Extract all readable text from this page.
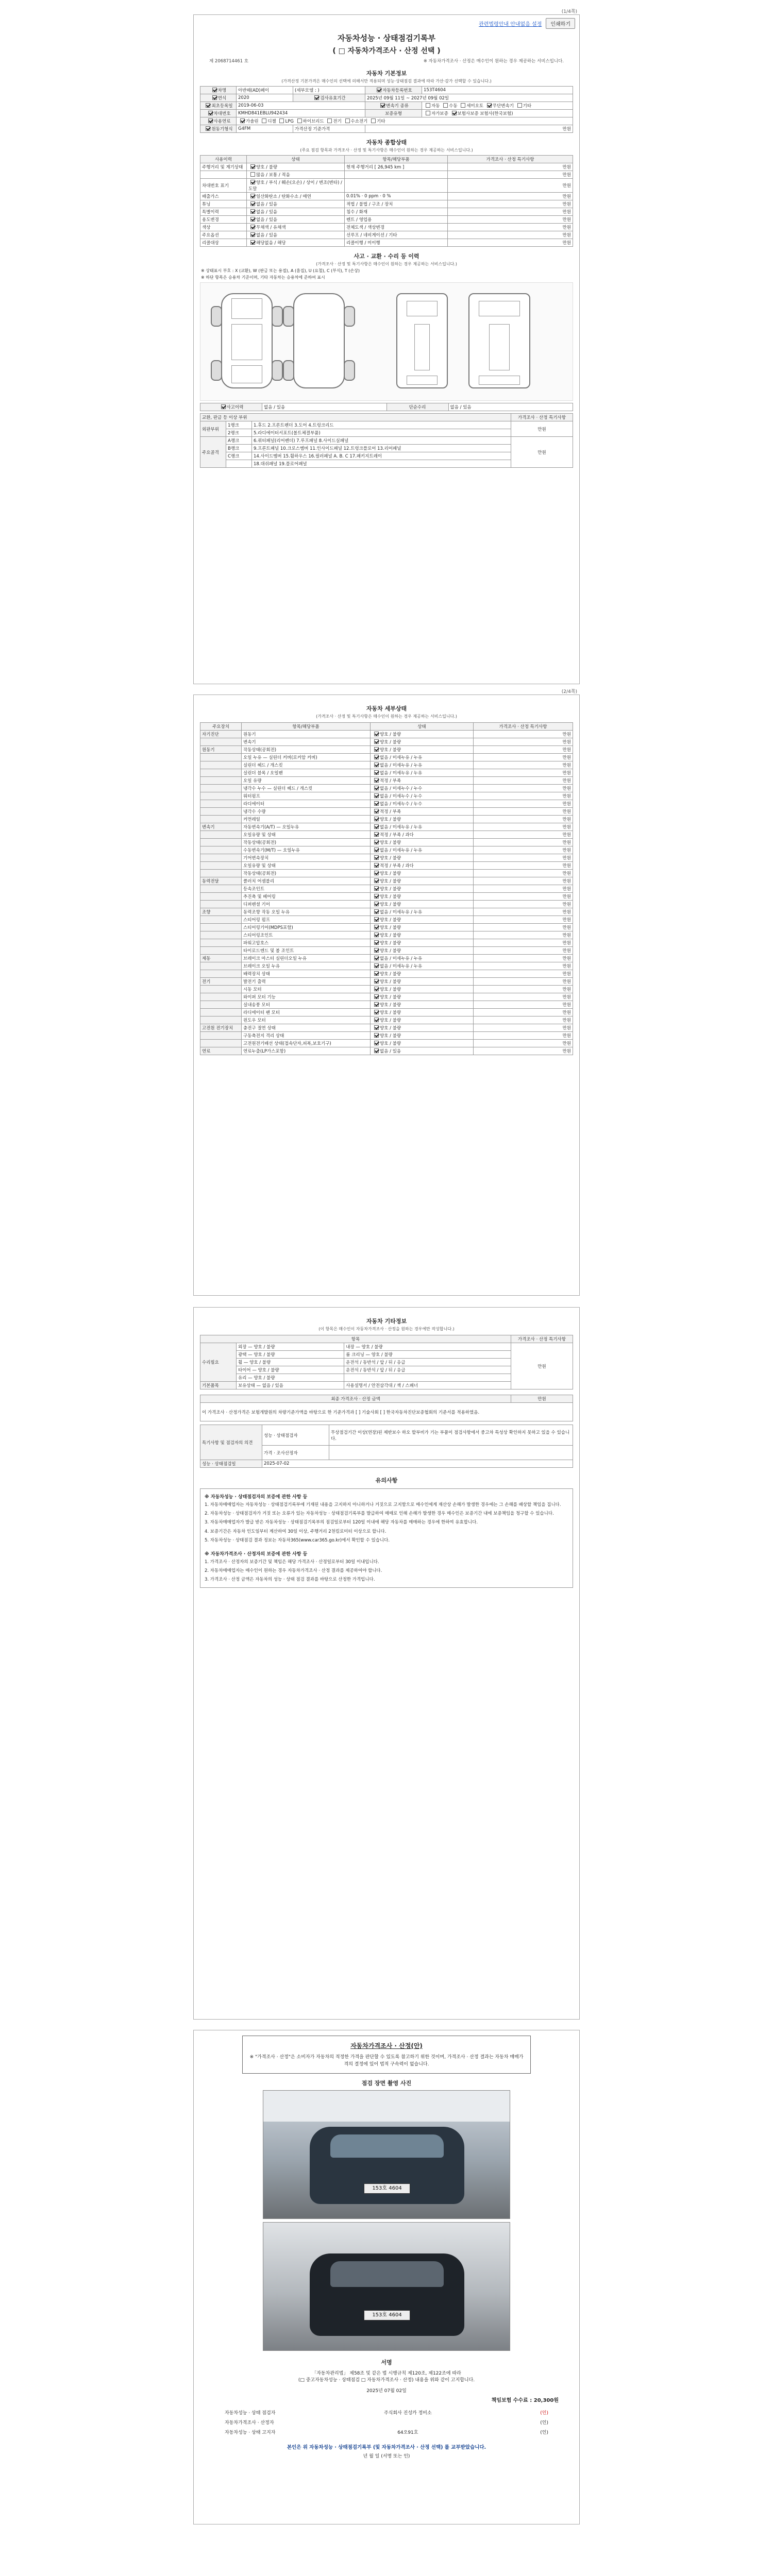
(1/4쪽)
관련법령안내 안내없음 설정	인쇄하기
자동차성능 · 상태점검기록부
( □ 자동차가격조사 · 산정 선택 )
제 2068714461 호	※ 자동차가격조사 · 산정은 매수인이 원하는 경우 제공하는 서비스입니다.
자동차 기본정보
(가격산정 기본가격은 매수인의 선택에 의해서만 적용되며 성능·상태점검 결과에 따라 가산·감가 선택할 수 있습니다.)
차명	아반떼(AD)페이	(세부모델 : )	자동차등록번호	153T4604
연식	2020	검사유효기간	2025년 09월 11일 ~ 2027년 09월 02일	
최초등록일	2019-06-03		변속기 종류	자동 수동 세미오토 무단변속기 기타
차대번호	KMHD841EBLU942434		보증유형	자가보증 보험사보증 보험사(한국보험)
사용연료	가솔린 디젤 LPG 하이브리드 전기 수소전기 기타			
원동기형식	G4FM	가격산정 기준가격	만원	
자동차 종합상태
(주요 점검 항목과 가격조사 · 산정 및 특기사항은 매수인이 원하는 경우 제공하는 서비스입니다.)
사용이력	상태	항목/해당부품	가격조사 · 산정 특기사항
주행거리 및 계기상태	양호 / 불량	현재 주행거리 [ 26,945 km ]	만원
	많음 / 보통 / 적음		만원
차대번호 표기	양호 / 부식 / 훼손(오손) / 상이 / 변조(변타) / 도말		만원
배출가스	일산화탄소 / 탄화수소 / 매연	0.01% · 0 ppm · 0 %	만원
튜닝	없음 / 있음	적법 / 불법 / 구조 / 장치	만원
특별이력	없음 / 있음	침수 / 화재	만원
용도변경	없음 / 있음	렌트 / 영업용	만원
색상	무채색 / 유채색	전체도색 / 색상변경	만원
주요옵션	없음 / 있음	선루프 / 네비게이션 / 기타	만원
리콜대상	해당없음 / 해당	리콜이행 / 미이행	만원
사고 · 교환 · 수리 등 이력
(가격조사 · 산정 및 특기사항은 매수인이 원하는 경우 제공하는 서비스입니다.)
※ 상태표시 부호 : X (교환), W (판금 또는 용접), A (흠집), U (요철), C (부식), T (손상)
※ 하단 항목은 승용차 기준이며, 기타 자동차는 승용차에 준하여 표시
사고이력	없음 / 있음	단순수리	없음 / 있음
교환, 판금 등 이상 부위			가격조사 · 산정 특기사항
외판부위	1랭크	1.후드 2.프론트펜더 3.도어 4.트렁크리드	만원
	2랭크	5.라디에이터서포트(볼트체결부품)	
주요골격	A랭크	6.쿼터패널(리어펜더) 7.루프패널 8.사이드실패널	만원
	B랭크	9.프론트패널 10.크로스멤버 11.인사이드패널 12.트렁크플로어 13.리어패널	
	C랭크	14.사이드멤버 15.휠하우스 16.필러패널 A. B. C 17.패키지트레이	
		18.대쉬패널 19.플로어패널	
(2/4쪽)
자동차 세부상태
(가격조사 · 산정 및 특기사항은 매수인이 원하는 경우 제공하는 서비스입니다.)
주요장치	항목/해당부품	상태	가격조사 · 산정 특기사항
자기진단	원동기	양호 / 불량	만원
	변속기	양호 / 불량	만원
원동기	작동상태(공회전)	양호 / 불량	만원
	오일 누유 — 실린더 커버(로커암 커버)	없음 / 미세누유 / 누유	만원
	실린더 헤드 / 개스킷	없음 / 미세누유 / 누유	만원
	실린더 블록 / 오일팬	없음 / 미세누유 / 누유	만원
	오일 유량	적정 / 부족	만원
	냉각수 누수 — 실린더 헤드 / 개스킷	없음 / 미세누수 / 누수	만원
	워터펌프	없음 / 미세누수 / 누수	만원
	라디에이터	없음 / 미세누수 / 누수	만원
	냉각수 수량	적정 / 부족	만원
	커먼레일	양호 / 불량	만원
변속기	자동변속기(A/T) — 오일누유	없음 / 미세누유 / 누유	만원
	오일유량 및 상태	적정 / 부족 / 과다	만원
	작동상태(공회전)	양호 / 불량	만원
	수동변속기(M/T) — 오일누유	없음 / 미세누유 / 누유	만원
	기어변속장치	양호 / 불량	만원
	오일유량 및 상태	적정 / 부족 / 과다	만원
	작동상태(공회전)	양호 / 불량	만원
동력전달	클러치 어셈블리	양호 / 불량	만원
	등속조인트	양호 / 불량	만원
	추진축 및 베어링	양호 / 불량	만원
	디퍼렌셜 기어	양호 / 불량	만원
조향	동력조향 작동 오일 누유	없음 / 미세누유 / 누유	만원
	스티어링 펌프	양호 / 불량	만원
	스티어링기어(MDPS포함)	양호 / 불량	만원
	스티어링조인트	양호 / 불량	만원
	파워고압호스	양호 / 불량	만원
	타이로드엔드 및 볼 조인트	양호 / 불량	만원
제동	브레이크 마스터 실린더오일 누유	없음 / 미세누유 / 누유	만원
	브레이크 오일 누유	없음 / 미세누유 / 누유	만원
	배력장치 상태	양호 / 불량	만원
전기	발전기 출력	양호 / 불량	만원
	시동 모터	양호 / 불량	만원
	와이퍼 모터 기능	양호 / 불량	만원
	실내송풍 모터	양호 / 불량	만원
	라디에이터 팬 모터	양호 / 불량	만원
	윈도우 모터	양호 / 불량	만원
고전원 전기장치	충전구 절연 상태	양호 / 불량	만원
	구동축전지 격리 상태	양호 / 불량	만원
	고전원전기배선 상태(접속단자,피복,보호기구)	양호 / 불량	만원
연료	연료누출(LP가스포함)	없음 / 있음	만원
자동차 기타정보
(이 항목은 매수인이 자동차가격조사 · 산정을 원하는 경우에만 작성합니다.)
항목			가격조사 · 산정 특기사항
수리필요	외장 — 양호 / 불량	내장 — 양호 / 불량	만원
	광택 — 양호 / 불량	룸 크리닝 — 양호 / 불량	
	휠 — 양호 / 불량	운전석 / 동반석 / 앞 / 뒤 / 응급	
	타이어 — 양호 / 불량	운전석 / 동반석 / 앞 / 뒤 / 응급	
	유리 — 양호 / 불량		
기본품목	보유상태 — 없음 / 있음	사용설명서 / 안전삼각대 / 잭 / 스패너	
최종 가격조사 · 산정 금액	만원
이 가격조사 · 산정가격은 보험개발원의 차량기준가액을 바탕으로 한 기준가격과 [ ] 기술사회 [ ] 한국자동차진단보증협회의 기준서를 적용하였음.
특기사항 및 점검자의 의견	성능 · 상태점검자	무상점검기간 이상(연장)된 제반보수 하오 할부비가 기는 부품이 점검사항에서 중고차 특성상 확인하지 못하고 있을 수 있습니다.
	가격 · 조사산정자	
성능 · 상태점검일	2025-07-02	
유의사항
※ 자동차성능 · 상태점검자의 보증에 관한 사항 등
1. 자동차매매업자는 자동차성능 · 상태점검기록부에 기재된 내용을 고지하지 아니하거나 거짓으로 고지함으로 매수인에게 재산상 손해가 발생한 경우에는 그 손해를 배상할 책임을 집니다.
2. 자동차성능 · 상태점검자가 거짓 또는 오류가 있는 자동차성능 · 상태점검기록부를 발급하여 매매로 인해 손해가 발생한 경우 매수인은 보증기간 내에 보증책임을 청구할 수 있습니다.
3. 자동차매매업자가 발급 받은 자동차성능 · 상태점검기록부의 점검일로부터 120일 이내에 해당 자동차를 매매하는 경우에 한하여 유효합니다.
4. 보증기간은 자동차 인도일부터 계산하여 30일 이상, 주행거리 2천킬로미터 이상으로 합니다.
5. 자동차성능 · 상태점검 결과 정보는 자동차365(www.car365.go.kr)에서 확인할 수 있습니다.
※ 자동차가격조사 · 산정자의 보증에 관한 사항 등
1. 가격조사 · 산정자의 보증기간 및 책임은 해당 가격조사 · 산정일로부터 30일 이내입니다.
2. 자동차매매업자는 매수인이 원하는 경우 자동차가격조사 · 산정 결과를 제공하여야 합니다.
3. 가격조사 · 산정 금액은 자동차의 성능 · 상태 점검 결과를 바탕으로 산정한 가격입니다.
자동차가격조사 · 산정(안)
※ "가격조사 · 산정"은 소비자가 자동차의 적정한 가격을 판단할 수 있도록 참고하기 위한 것이며, 가격조사 · 산정 결과는 자동차 매매가격의 결정에 있어 법적 구속력이 없습니다.
점검 장면 촬영 사진
153호 4604
153호 4604
서명
「자동차관리법」 제58조 및 같은 법 시행규칙 제120조, 제122조에 따라
(□ 중고자동차성능 · 상태점검 □ 자동차가격조사 · 산정) 내용을 위와 같이 고지합니다.
2025년 07월 02일
책임보험 수수료 : 20,300원
자동차성능 · 상태 점검자	주식회사 진성카 정비소	(인)
자동차가격조사 · 산정자	(인)
자동차성능 · 상태 고지자	64오91호	(인)
본인은 위 자동차성능 · 상태점검기록부 (및 자동차가격조사 · 산정 선택) 를 교부받았습니다.
년 월 일 (서명 또는 인)
